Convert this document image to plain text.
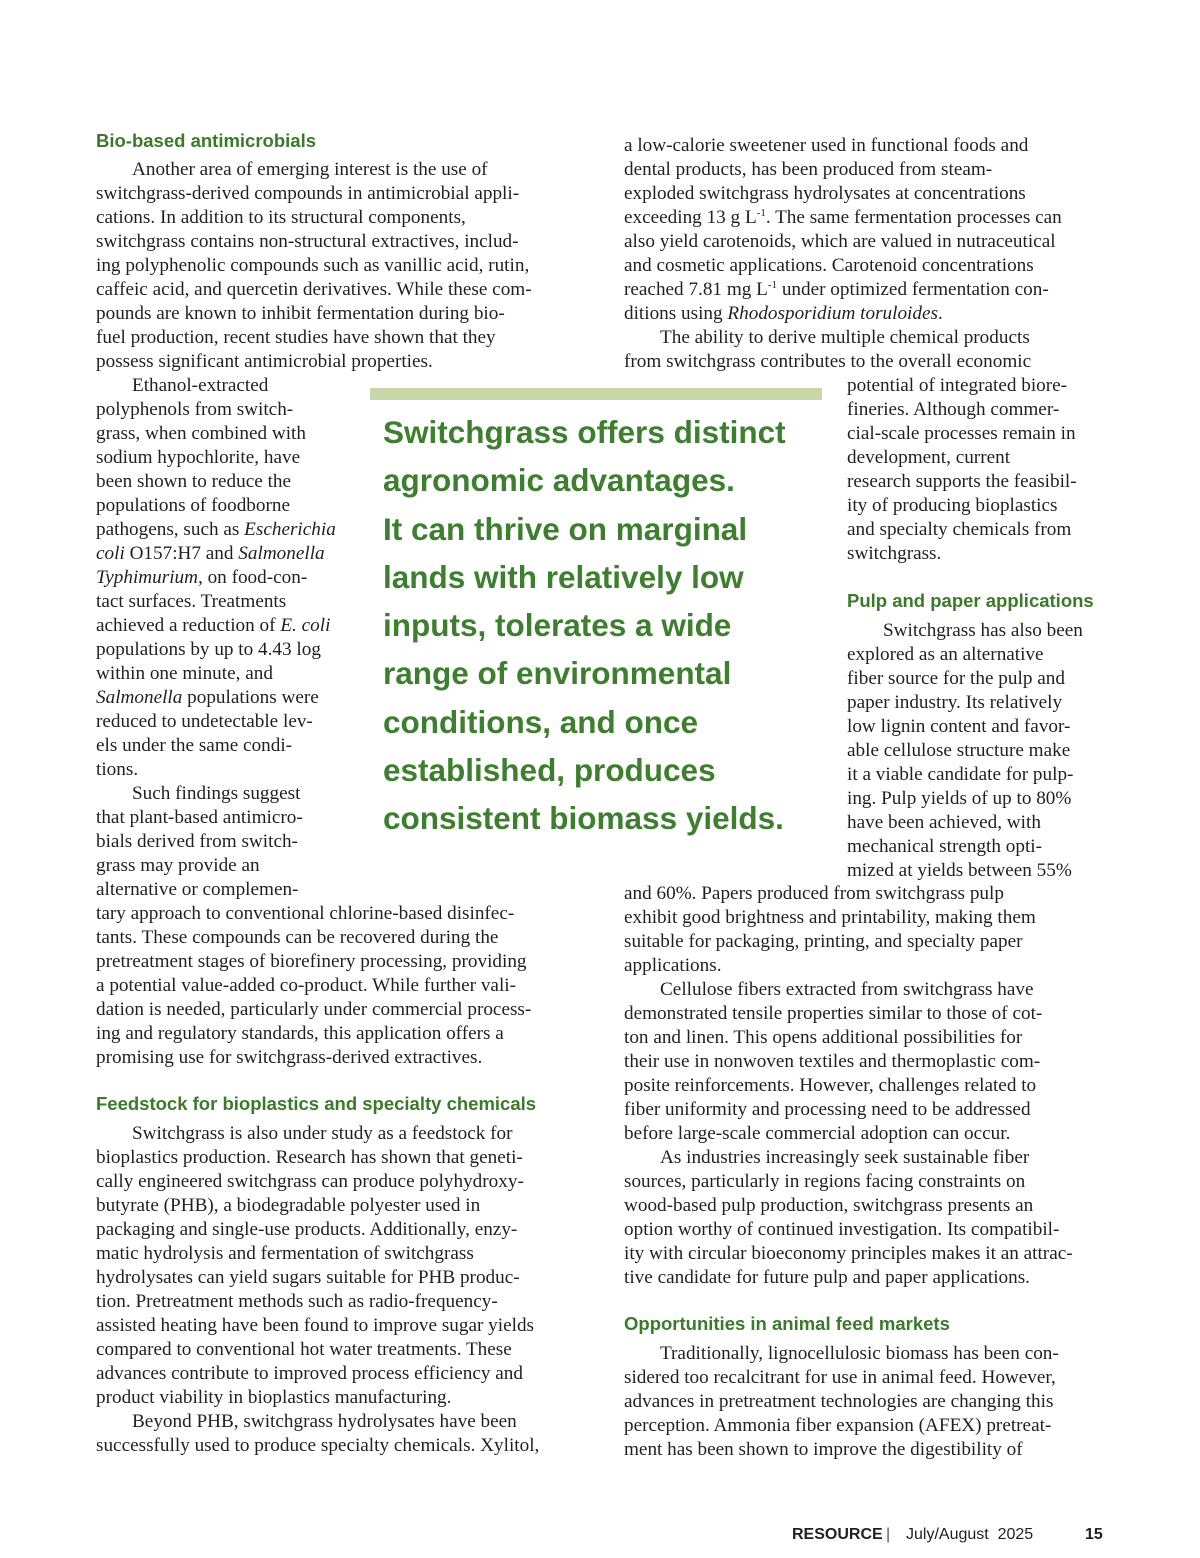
Bio-based antimicrobials
Another area of emerging interest is the use of
switchgrass-derived compounds in antimicrobial appli-
cations. In addition to its structural components,
switchgrass contains non-structural extractives, includ-
ing polyphenolic compounds such as vanillic acid, rutin,
caffeic acid, and quercetin derivatives. While these com-
pounds are known to inhibit fermentation during bio-
fuel production, recent studies have shown that they
possess significant antimicrobial properties.
Ethanol-extracted
polyphenols from switch-
grass, when combined with
sodium hypochlorite, have
been shown to reduce the
populations of foodborne
pathogens, such as Escherichia
coli O157:H7 and Salmonella
Typhimurium, on food-con-
tact surfaces. Treatments
achieved a reduction of E. coli
populations by up to 4.43 log
within one minute, and
Salmonella populations were
reduced to undetectable lev-
els under the same condi-
tions.
Such findings suggest
that plant-based antimicro-
bials derived from switch-
grass may provide an
alternative or complemen-
tary approach to conventional chlorine-based disinfec-
tants. These compounds can be recovered during the
pretreatment stages of biorefinery processing, providing
a potential value-added co-product. While further vali-
dation is needed, particularly under commercial process-
ing and regulatory standards, this application offers a
promising use for switchgrass-derived extractives.
Feedstock for bioplastics and specialty chemicals
Switchgrass is also under study as a feedstock for
bioplastics production. Research has shown that geneti-
cally engineered switchgrass can produce polyhydroxy-
butyrate (PHB), a biodegradable polyester used in
packaging and single-use products. Additionally, enzy-
matic hydrolysis and fermentation of switchgrass
hydrolysates can yield sugars suitable for PHB produc-
tion. Pretreatment methods such as radio-frequency-
assisted heating have been found to improve sugar yields
compared to conventional hot water treatments. These
advances contribute to improved process efficiency and
product viability in bioplastics manufacturing.
Beyond PHB, switchgrass hydrolysates have been
successfully used to produce specialty chemicals. Xylitol,
Switchgrass offers distinct
agronomic advantages.
It can thrive on marginal
lands with relatively low
inputs, tolerates a wide
range of environmental
conditions, and once
established, produces
consistent biomass yields.
a low-calorie sweetener used in functional foods and
dental products, has been produced from steam-
exploded switchgrass hydrolysates at concentrations
exceeding 13 g $L^{-1}$. The same fermentation processes can
also yield carotenoids, which are valued in nutraceutical
and cosmetic applications. Carotenoid concentrations
reached 7.81 mg $L^{-1}$ under optimized fermentation con-
ditions using Rhodosporidium toruloides.
The ability to derive multiple chemical products
from switchgrass contributes to the overall economic
potential of integrated biore-
fineries. Although commer-
cial-scale processes remain in
development, current
research supports the feasibil-
ity of producing bioplastics
and specialty chemicals from
switchgrass.
Pulp and paper applications
Switchgrass has also been
explored as an alternative
fiber source for the pulp and
paper industry. Its relatively
low lignin content and favor-
able cellulose structure make
it a viable candidate for pulp-
ing. Pulp yields of up to 80%
have been achieved, with
mechanical strength opti-
mized at yields between 55%
and 60%. Papers produced from switchgrass pulp
exhibit good brightness and printability, making them
suitable for packaging, printing, and specialty paper
applications.
Cellulose fibers extracted from switchgrass have
demonstrated tensile properties similar to those of cot-
ton and linen. This opens additional possibilities for
their use in nonwoven textiles and thermoplastic com-
posite reinforcements. However, challenges related to
fiber uniformity and processing need to be addressed
before large-scale commercial adoption can occur.
As industries increasingly seek sustainable fiber
sources, particularly in regions facing constraints on
wood-based pulp production, switchgrass presents an
option worthy of continued investigation. Its compatibil-
ity with circular bioeconomy principles makes it an attrac-
tive candidate for future pulp and paper applications.
Opportunities in animal feed markets
Traditionally, lignocellulosic biomass has been con-
sidered too recalcitrant for use in animal feed. However,
advances in pretreatment technologies are changing this
perception. Ammonia fiber expansion (AFEX) pretreat-
ment has been shown to improve the digestibility of
RESOURCE | July/August  2025	15
